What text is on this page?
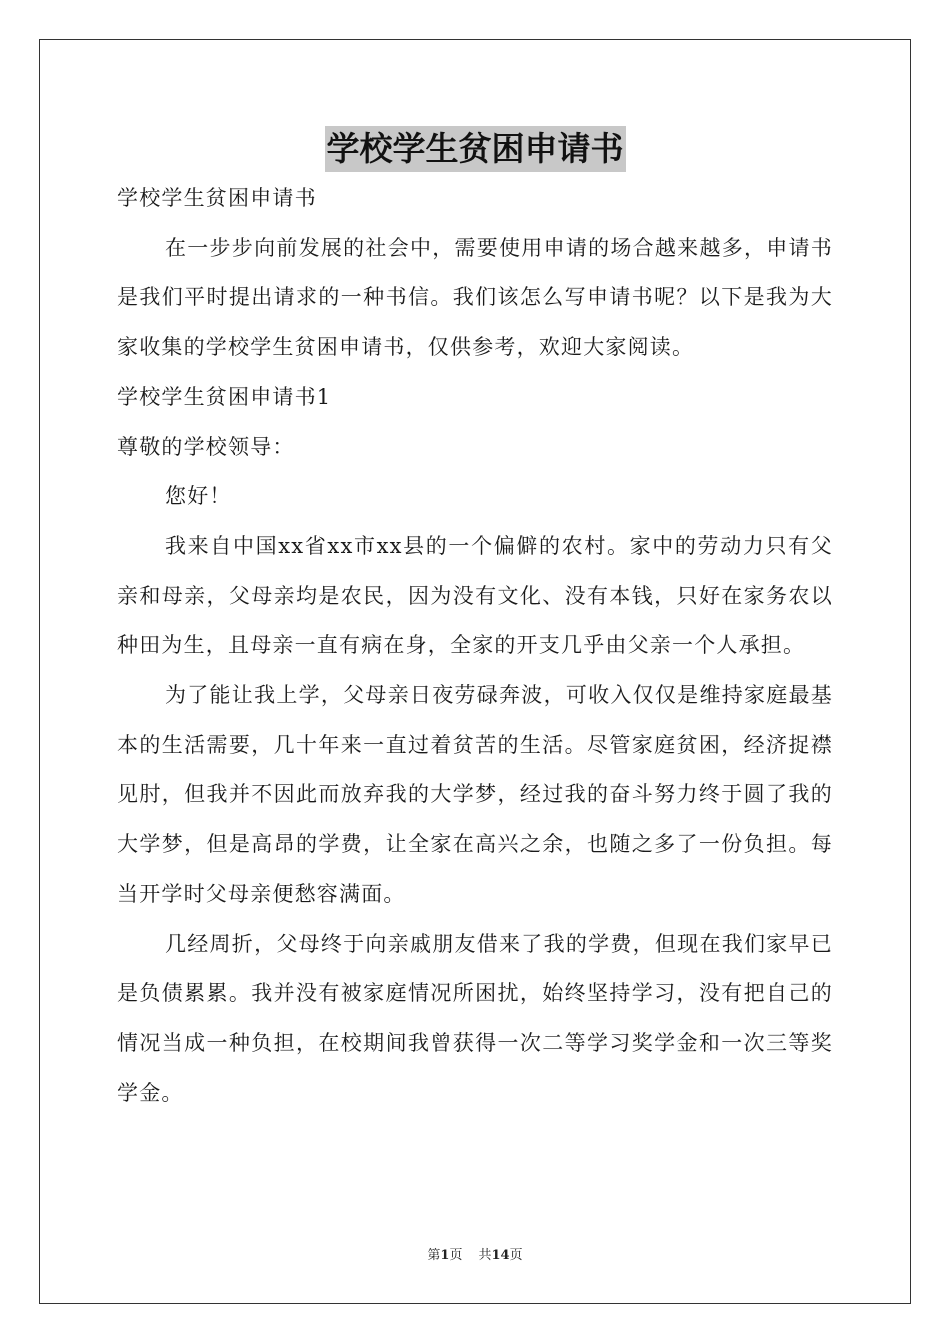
学校学生贫困申请书

学校学生贫困申请书

在一步步向前发展的社会中，需要使用申请的场合越来越多，申请书是我们平时提出请求的一种书信。我们该怎么写申请书呢？以下是我为大家收集的学校学生贫困申请书，仅供参考，欢迎大家阅读。

学校学生贫困申请书1

尊敬的学校领导：

您好！

我来自中国xx省xx市xx县的一个偏僻的农村。家中的劳动力只有父亲和母亲，父母亲均是农民，因为没有文化、没有本钱，只好在家务农以种田为生，且母亲一直有病在身，全家的开支几乎由父亲一个人承担。

为了能让我上学，父母亲日夜劳碌奔波，可收入仅仅是维持家庭最基本的生活需要，几十年来一直过着贫苦的生活。尽管家庭贫困，经济捉襟见肘，但我并不因此而放弃我的大学梦，经过我的奋斗努力终于圆了我的大学梦，但是高昂的学费，让全家在高兴之余，也随之多了一份负担。每当开学时父母亲便愁容满面。

几经周折，父母终于向亲戚朋友借来了我的学费，但现在我们家早已是负债累累。我并没有被家庭情况所困扰，始终坚持学习，没有把自己的情况当成一种负担，在校期间我曾获得一次二等学习奖学金和一次三等奖学金。

第1页 共14页
